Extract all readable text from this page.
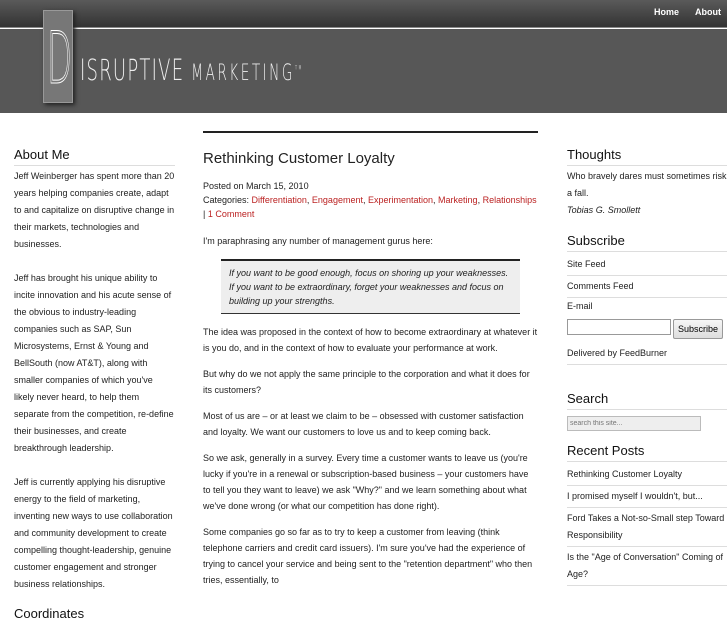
Home About
D ISRUPTIVE MARKETING™
About Me

Jeff Weinberger has spent more than 20 years helping companies create, adapt to and capitalize on disruptive change in their markets, technologies and businesses.

Jeff has brought his unique ability to incite innovation and his acute sense of the obvious to industry-leading companies such as SAP, Sun Microsystems, Ernst & Young and BellSouth (now AT&T), along with smaller companies of which you've likely never heard, to help them separate from the competition, re-define their businesses, and create breakthrough leadership.

Jeff is currently applying his disruptive energy to the field of marketing, inventing new ways to use collaboration and community development to create compelling thought-leadership, genuine customer engagement and stronger business relationships.

Coordinates
Rethinking Customer Loyalty
Posted on March 15, 2010
Categories: Differentiation, Engagement, Experimentation, Marketing, Relationships | 1 Comment

I'm paraphrasing any number of management gurus here:

If you want to be good enough, focus on shoring up your weaknesses.
If you want to be extraordinary, forget your weaknesses and focus on building up your strengths.

The idea was proposed in the context of how to become extraordinary at whatever it is you do, and in the context of how to evaluate your performance at work.

But why do we not apply the same principle to the corporation and what it does for its customers?

Most of us are – or at least we claim to be – obsessed with customer satisfaction and loyalty. We want our customers to love us and to keep coming back.

So we ask, generally in a survey. Every time a customer wants to leave us (you're lucky if you're in a renewal or subscription-based business – your customers have to tell you they want to leave) we ask "Why?" and we learn something about what we've done wrong (or what our competition has done right).

Some companies go so far as to try to keep a customer from leaving (think telephone carriers and credit card issuers). I'm sure you've had the experience of trying to cancel your service and being sent to the "retention department" who then tries, essentially, to

Thoughts
Who bravely dares must sometimes risk a fall.
Tobias G. Smollett
Subscribe
Site Feed
Comments Feed
E-mail
Subscribe
Delivered by FeedBurner
Search
search this site...
Recent Posts
Rethinking Customer Loyalty
I promised myself I wouldn't, but...
Ford Takes a Not-so-Small step Toward Responsibility
Is the "Age of Conversation" Coming of Age?
